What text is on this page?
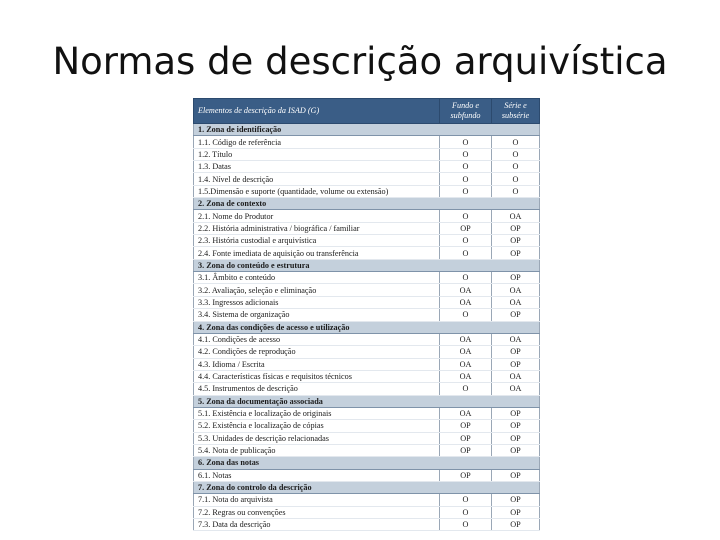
Normas de descrição arquivística
Elementos de descrição da ISAD (G)	Fundo e subfundo	Série e subsérie
1. Zona de identificação		
1.1. Código de referência	O	O
1.2. Título	O	O
1.3. Datas	O	O
1.4. Nível de descrição	O	O
1.5.Dimensão e suporte (quantidade, volume ou extensão)	O	O
2. Zona de contexto		
2.1. Nome do Produtor	O	OA
2.2. História administrativa / biográfica / familiar	OP	OP
2.3. História custodial e arquivística	O	OP
2.4. Fonte imediata de aquisição ou transferência	O	OP
3. Zona do conteúdo e estrutura		
3.1. Âmbito e conteúdo	O	OP
3.2. Avaliação, seleção e eliminação	OA	OA
3.3. Ingressos adicionais	OA	OA
3.4. Sistema de organização	O	OP
4. Zona das condições de acesso e utilização		
4.1. Condições de acesso	OA	OA
4.2. Condições de reprodução	OA	OP
4.3. Idioma / Escrita	OA	OP
4.4. Características físicas e requisitos técnicos	OA	OA
4.5. Instrumentos de descrição	O	OA
5. Zona da documentação associada		
5.1. Existência e localização de originais	OA	OP
5.2. Existência e localização de cópias	OP	OP
5.3. Unidades de descrição relacionadas	OP	OP
5.4. Nota de publicação	OP	OP
6. Zona das notas		
6.1. Notas	OP	OP
7. Zona do controlo da descrição		
7.1. Nota do arquivista	O	OP
7.2. Regras ou convenções	O	OP
7.3. Data da descrição	O	OP
